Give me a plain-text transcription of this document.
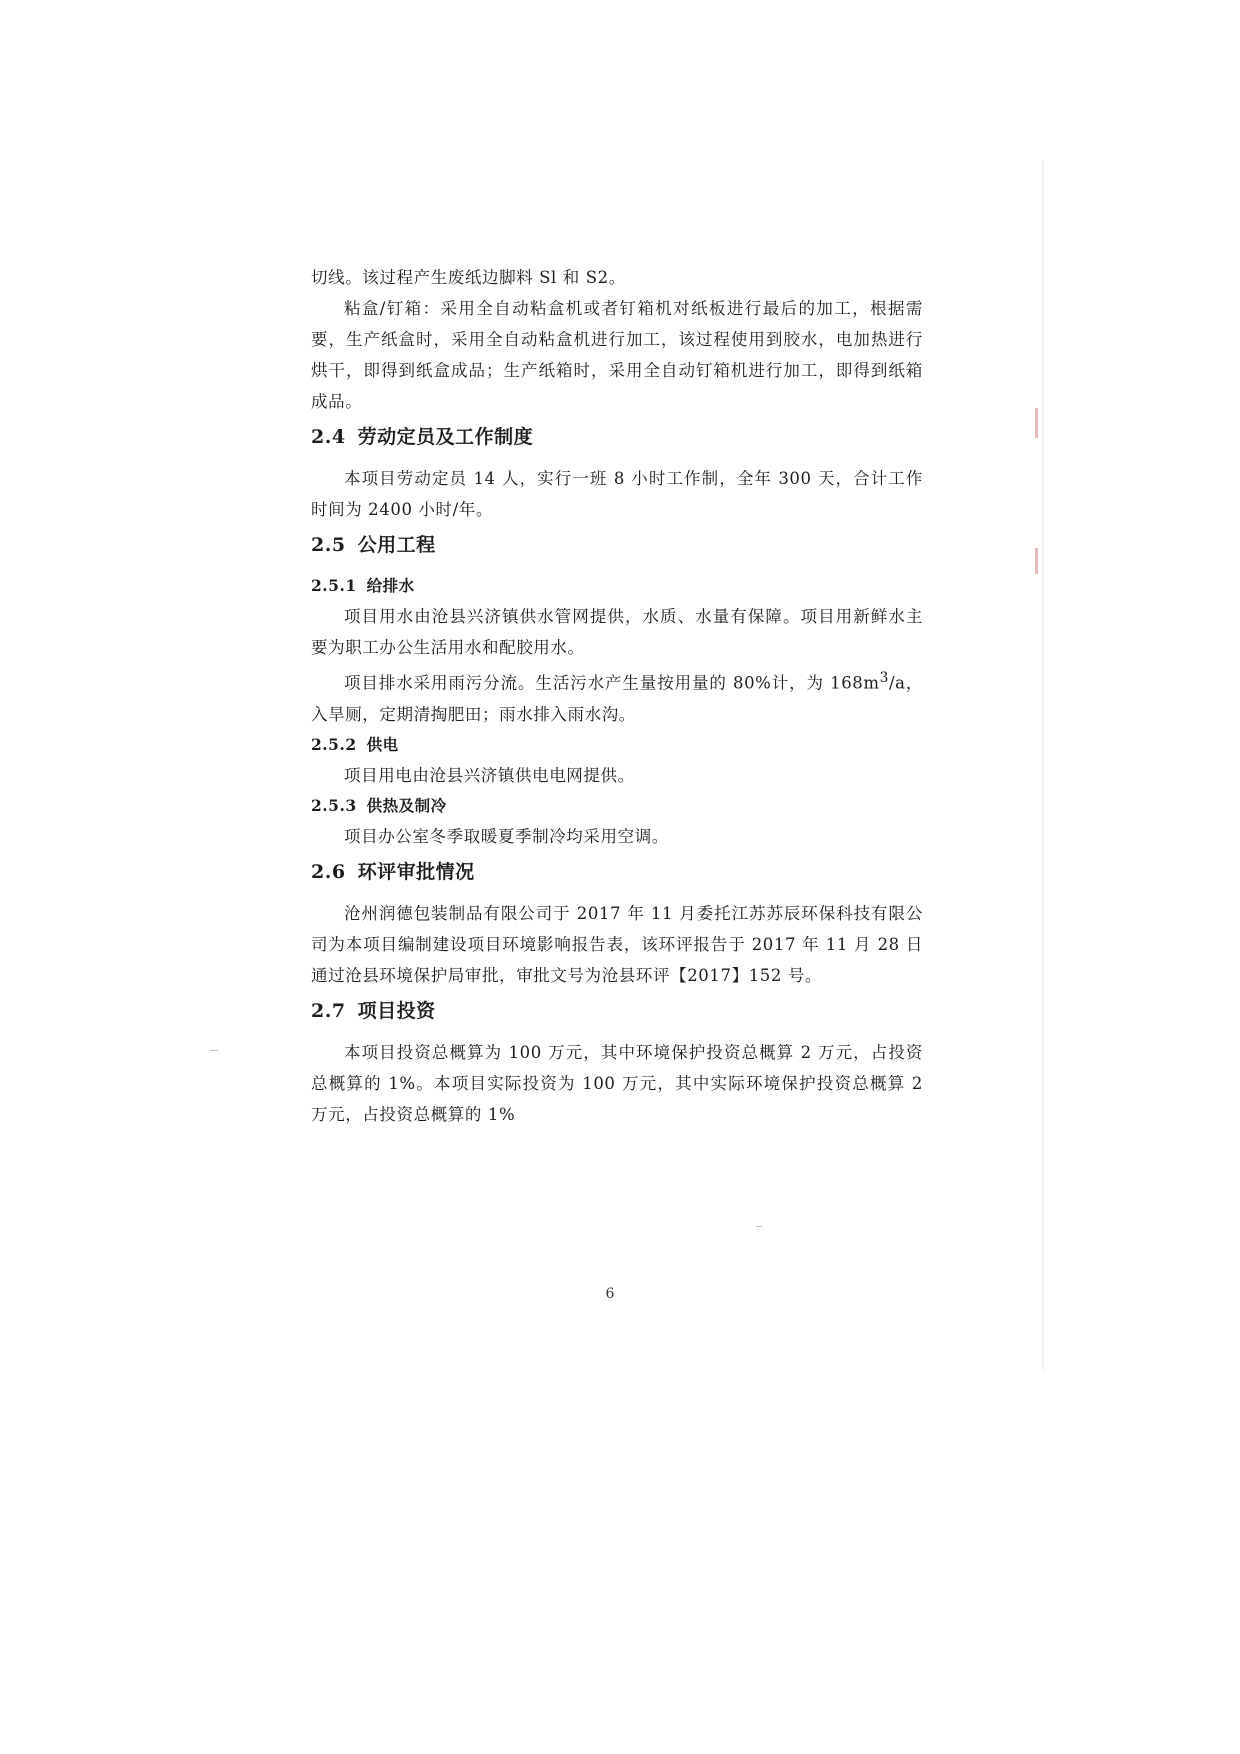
切线。该过程产生废纸边脚料 Sl 和 S2。

粘盒/钉箱：采用全自动粘盒机或者钉箱机对纸板进行最后的加工，根据需要，生产纸盒时，采用全自动粘盒机进行加工，该过程使用到胶水，电加热进行烘干，即得到纸盒成品；生产纸箱时，采用全自动钉箱机进行加工，即得到纸箱成品。

2.4 劳动定员及工作制度

本项目劳动定员 14 人，实行一班 8 小时工作制，全年 300 天，合计工作时间为 2400 小时/年。

2.5 公用工程
2.5.1 给排水

项目用水由沧县兴济镇供水管网提供，水质、水量有保障。项目用新鲜水主要为职工办公生活用水和配胶用水。

项目排水采用雨污分流。生活污水产生量按用量的 80%计，为 $168m^3/a$，入旱厕，定期清掏肥田；雨水排入雨水沟。

2.5.2 供电

项目用电由沧县兴济镇供电电网提供。

2.5.3 供热及制冷

项目办公室冬季取暖夏季制冷均采用空调。

2.6 环评审批情况

沧州润德包装制品有限公司于 2017 年 11 月委托江苏苏辰环保科技有限公司为本项目编制建设项目环境影响报告表，该环评报告于 2017 年 11 月 28 日通过沧县环境保护局审批，审批文号为沧县环评【2017】152 号。

2.7 项目投资

本项目投资总概算为 100 万元，其中环境保护投资总概算 2 万元，占投资总概算的 1%。本项目实际投资为 100 万元，其中实际环境保护投资总概算 2 万元，占投资总概算的 1%

6
